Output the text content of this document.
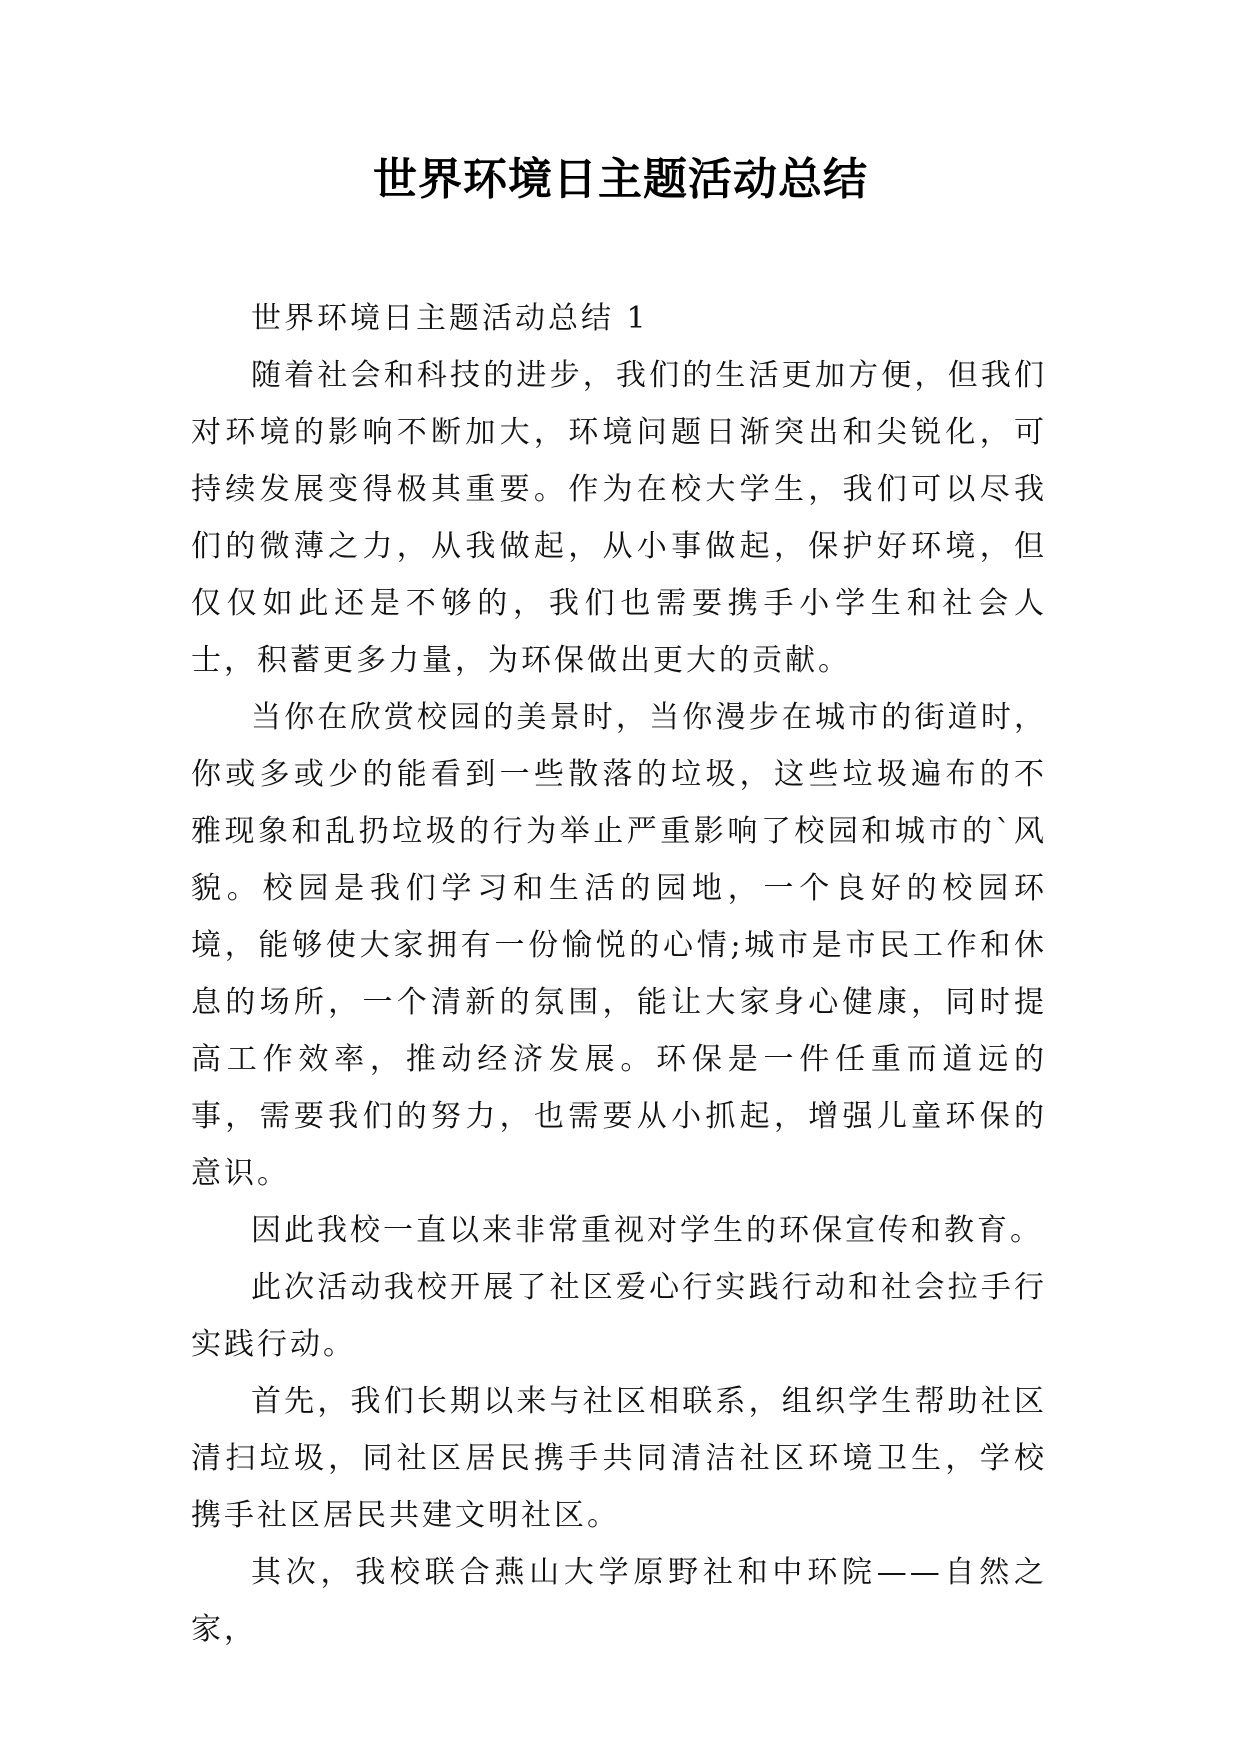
世界环境日主题活动总结

世界环境日主题活动总结 1

随着社会和科技的进步，我们的生活更加方便，但我们对环境的影响不断加大，环境问题日渐突出和尖锐化，可持续发展变得极其重要。作为在校大学生，我们可以尽我们的微薄之力，从我做起，从小事做起，保护好环境，但仅仅如此还是不够的，我们也需要携手小学生和社会人士，积蓄更多力量，为环保做出更大的贡献。

当你在欣赏校园的美景时，当你漫步在城市的街道时，你或多或少的能看到一些散落的垃圾，这些垃圾遍布的不雅现象和乱扔垃圾的行为举止严重影响了校园和城市的`风貌。校园是我们学习和生活的园地，一个良好的校园环境，能够使大家拥有一份愉悦的心情;城市是市民工作和休息的场所，一个清新的氛围，能让大家身心健康，同时提高工作效率，推动经济发展。环保是一件任重而道远的事，需要我们的努力，也需要从小抓起，增强儿童环保的意识。

因此我校一直以来非常重视对学生的环保宣传和教育。

此次活动我校开展了社区爱心行实践行动和社会拉手行实践行动。

首先，我们长期以来与社区相联系，组织学生帮助社区清扫垃圾，同社区居民携手共同清洁社区环境卫生，学校携手社区居民共建文明社区。

其次，我校联合燕山大学原野社和中环院——自然之家，
